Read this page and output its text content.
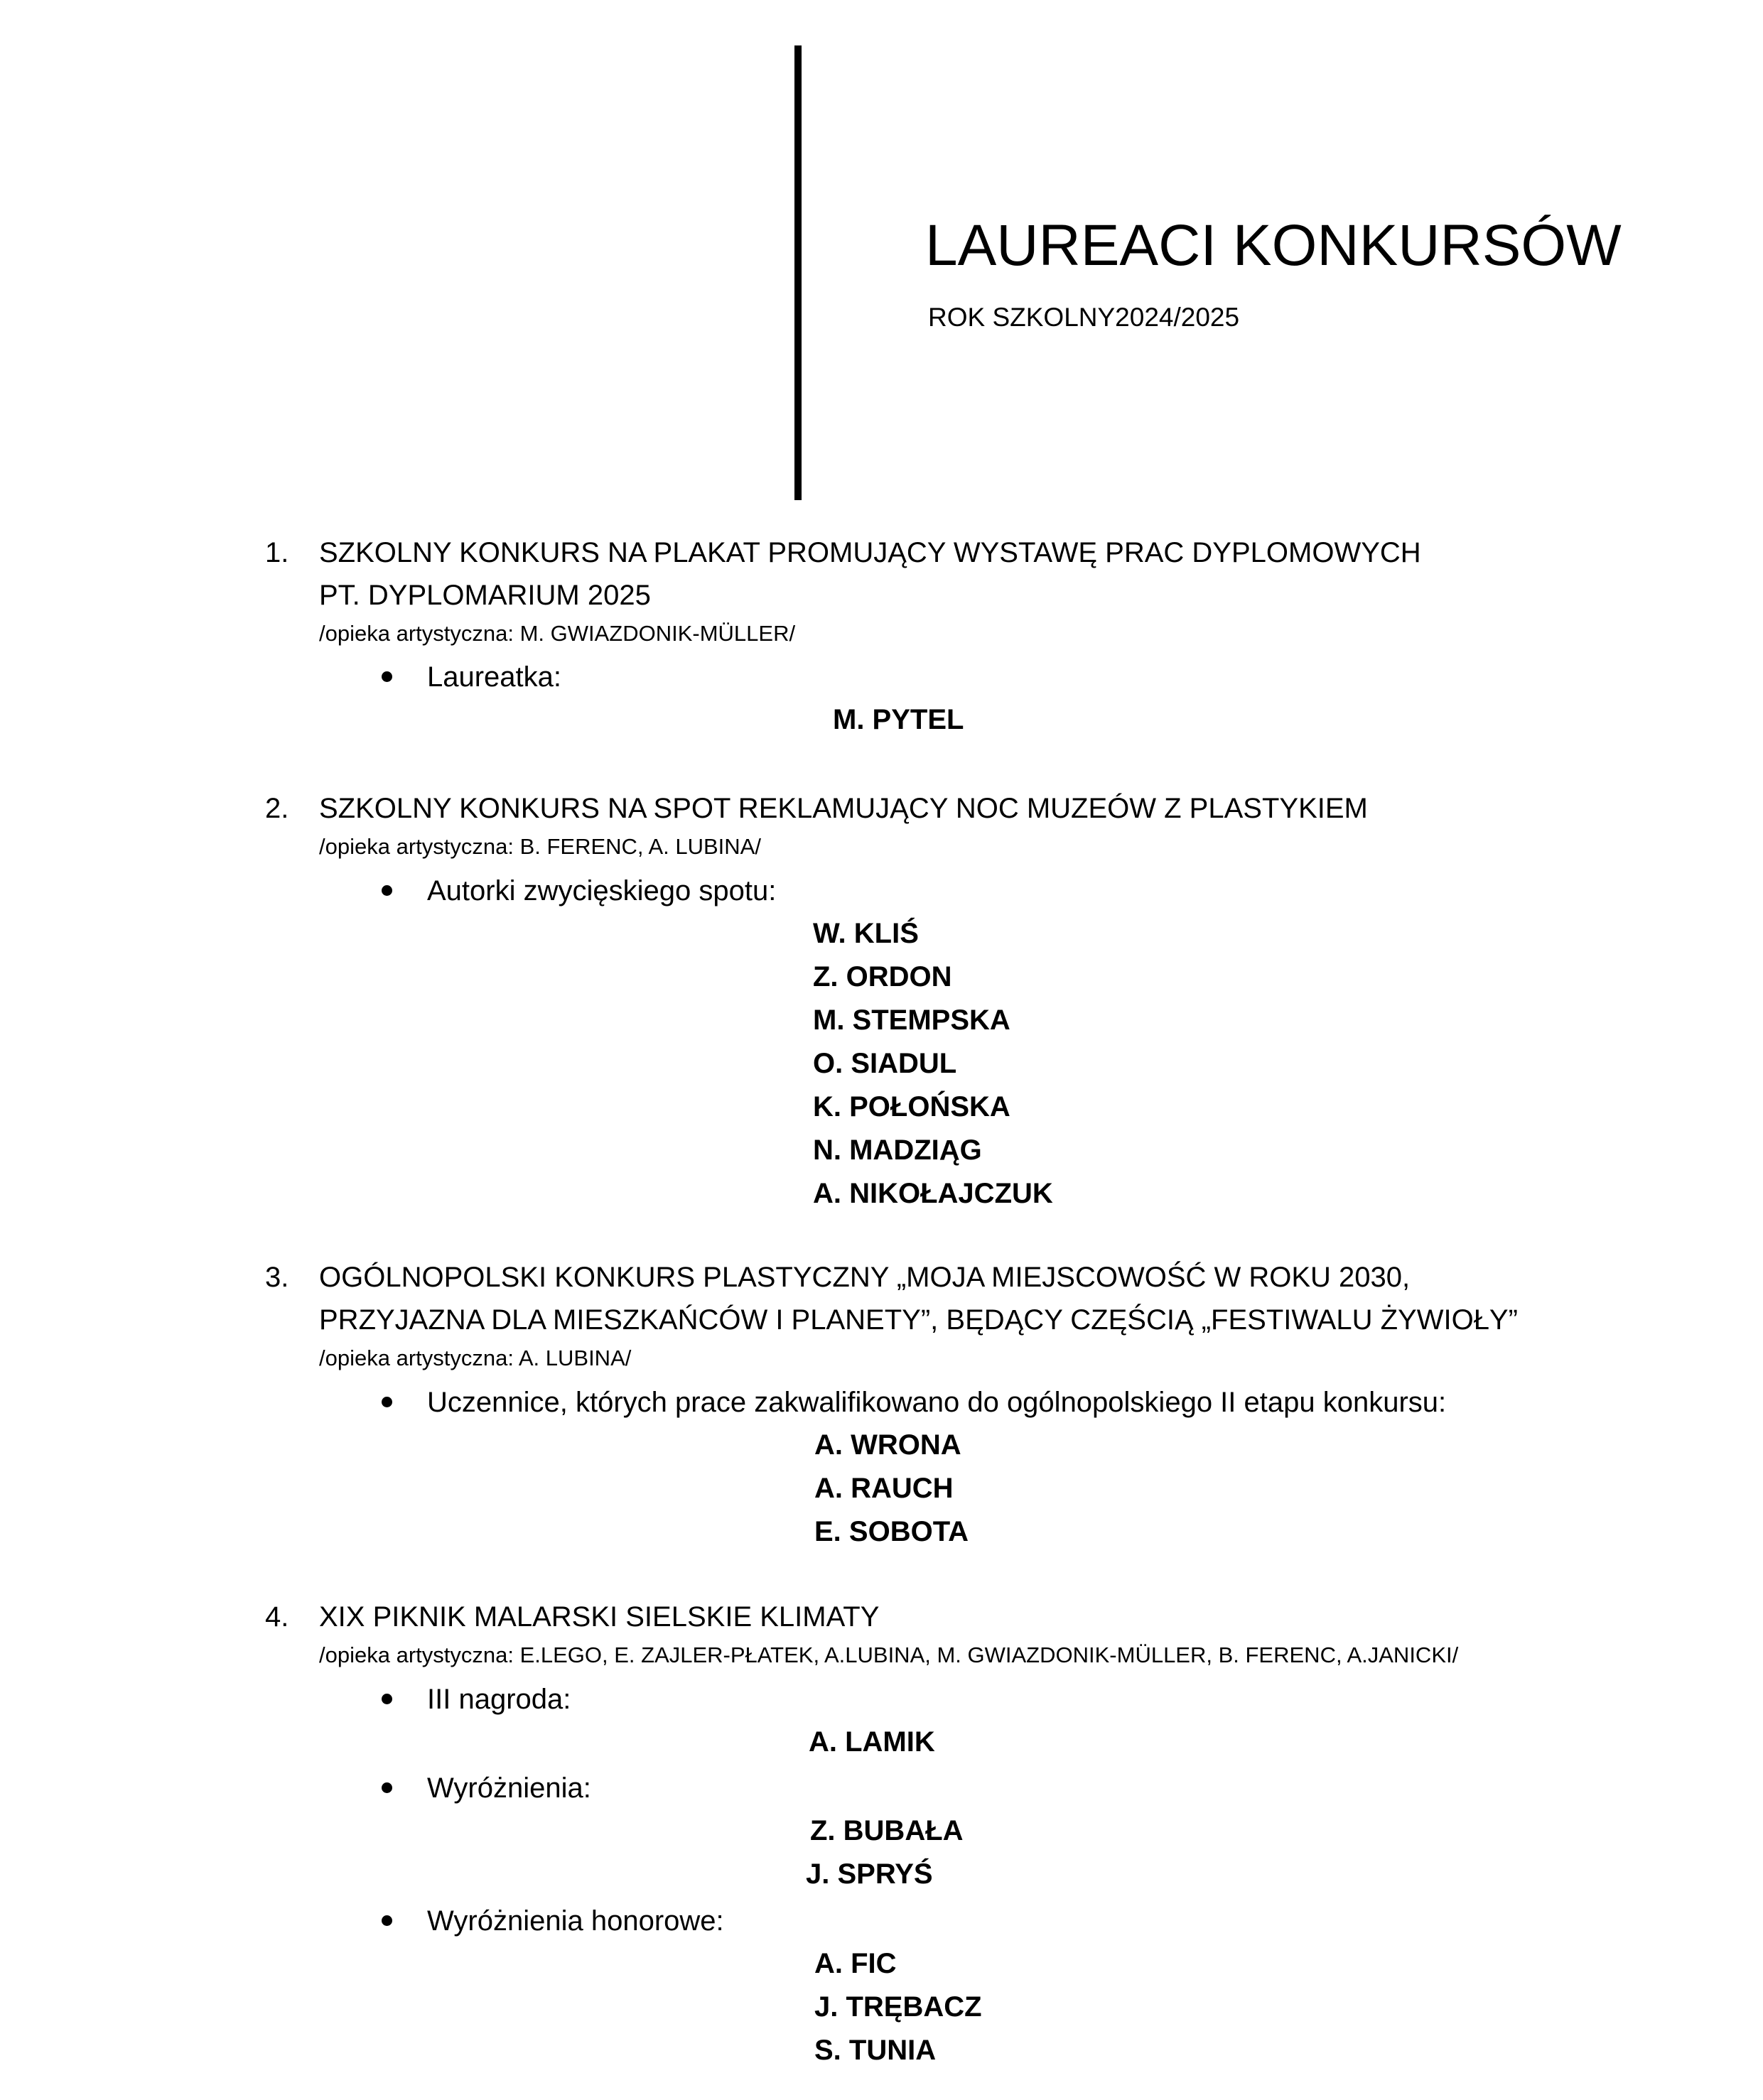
LAUREACI KONKURSÓW
ROK SZKOLNY2024/2025
1. SZKOLNY KONKURS NA PLAKAT PROMUJĄCY WYSTAWĘ PRAC DYPLOMOWYCH
PT. DYPLOMARIUM 2025
/opieka artystyczna: M. GWIAZDONIK-MÜLLER/
Laureatka:
M. PYTEL
2. SZKOLNY KONKURS NA SPOT REKLAMUJĄCY NOC MUZEÓW Z PLASTYKIEM
/opieka artystyczna: B. FERENC, A. LUBINA/
Autorki zwycięskiego spotu:
W. KLIŚ
Z. ORDON
M. STEMPSKA
O. SIADUL
K. POŁOŃSKA
N. MADZIĄG
A. NIKOŁAJCZUK
3. OGÓLNOPOLSKI KONKURS PLASTYCZNY „MOJA MIEJSCOWOŚĆ W ROKU 2030,
PRZYJAZNA DLA MIESZKAŃCÓW I PLANETY”, BĘDĄCY CZĘŚCIĄ „FESTIWALU ŻYWIOŁY”
/opieka artystyczna: A. LUBINA/
Uczennice, których prace zakwalifikowano do ogólnopolskiego II etapu konkursu:
A. WRONA
A. RAUCH
E. SOBOTA
4. XIX PIKNIK MALARSKI SIELSKIE KLIMATY
/opieka artystyczna: E.LEGO, E. ZAJLER-PŁATEK, A.LUBINA, M. GWIAZDONIK-MÜLLER, B. FERENC, A.JANICKI/
III nagroda:
A. LAMIK
Wyróżnienia:
Z. BUBAŁA
J. SPRYŚ
Wyróżnienia honorowe:
A. FIC
J. TRĘBACZ
S. TUNIA
